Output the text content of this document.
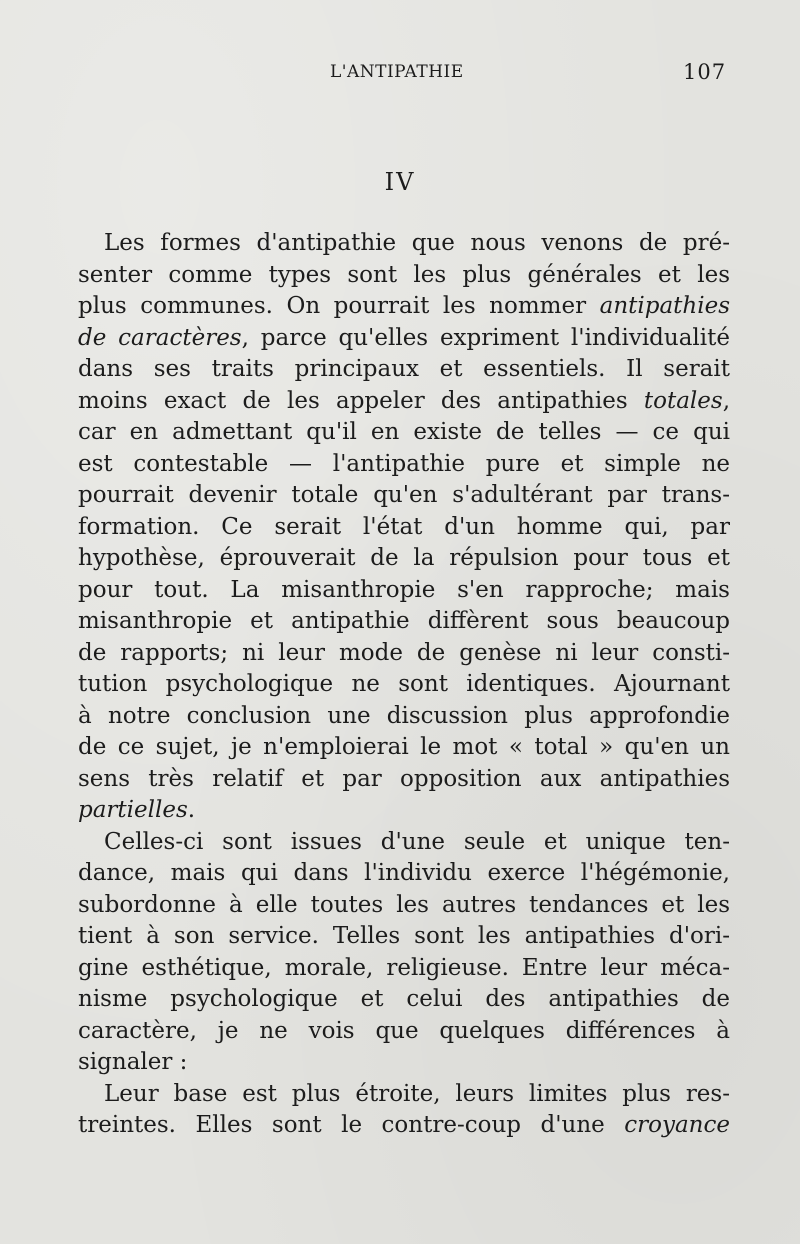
L'ANTIPATHIE	107
IV
Les formes d'antipathie que nous venons de pré-
senter comme types sont les plus générales et les
plus communes. On pourrait les nommer antipathies
de caractères, parce qu'elles expriment l'individualité
dans ses traits principaux et essentiels. Il serait
moins exact de les appeler des antipathies totales,
car en admettant qu'il en existe de telles — ce qui
est contestable — l'antipathie pure et simple ne
pourrait devenir totale qu'en s'adultérant par trans-
formation. Ce serait l'état d'un homme qui, par
hypothèse, éprouverait de la répulsion pour tous et
pour tout. La misanthropie s'en rapproche; mais
misanthropie et antipathie diffèrent sous beaucoup
de rapports; ni leur mode de genèse ni leur consti-
tution psychologique ne sont identiques. Ajournant
à notre conclusion une discussion plus approfondie
de ce sujet, je n'emploierai le mot « total » qu'en un
sens très relatif et par opposition aux antipathies
partielles.
Celles-ci sont issues d'une seule et unique ten-
dance, mais qui dans l'individu exerce l'hégémonie,
subordonne à elle toutes les autres tendances et les
tient à son service. Telles sont les antipathies d'ori-
gine esthétique, morale, religieuse. Entre leur méca-
nisme psychologique et celui des antipathies de
caractère, je ne vois que quelques différences à
signaler :
Leur base est plus étroite, leurs limites plus res-
treintes. Elles sont le contre-coup d'une croyance
